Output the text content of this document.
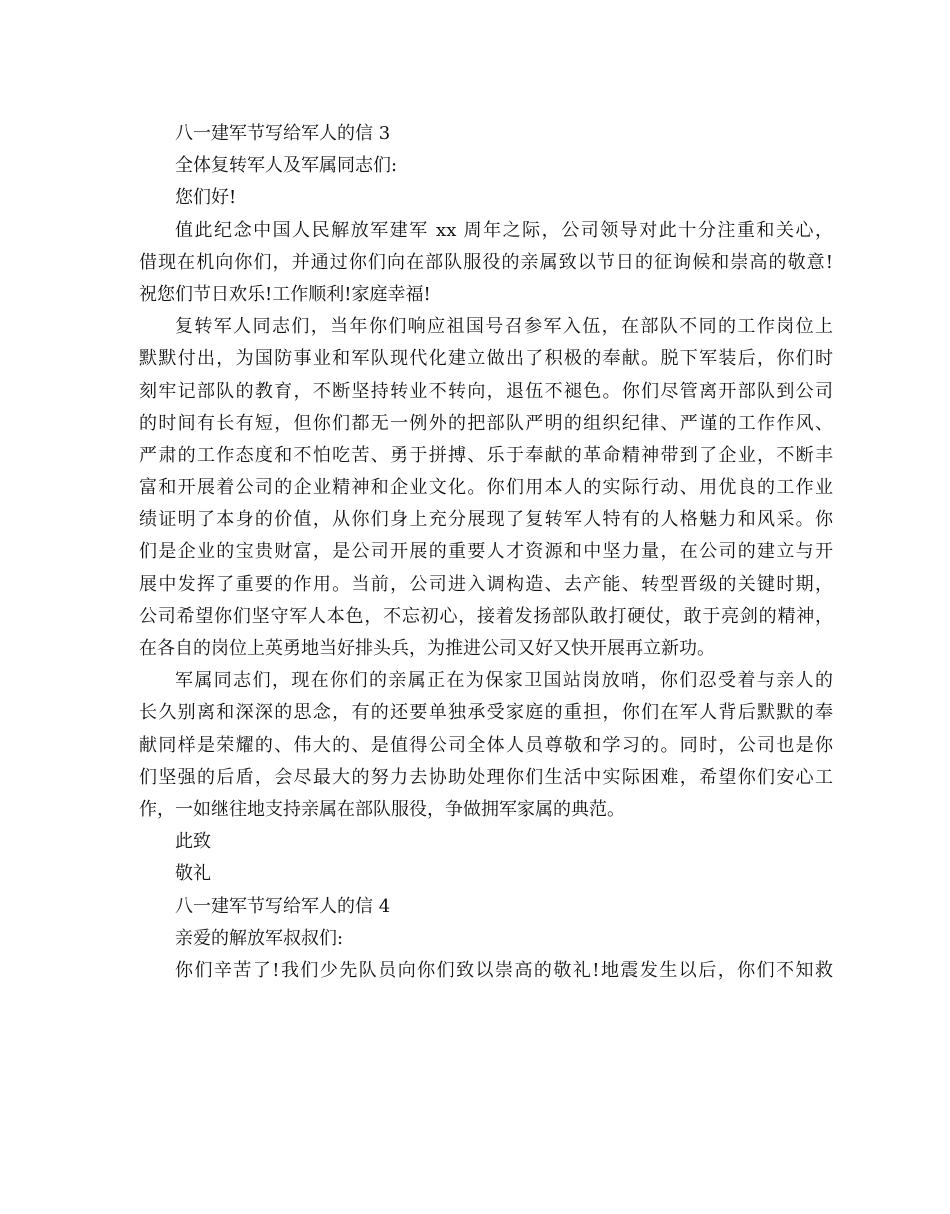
八一建军节写给军人的信 3
全体复转军人及军属同志们:
您们好!
值此纪念中国人民解放军建军 xx 周年之际，公司领导对此十分注重和关心，
借现在机向你们，并通过你们向在部队服役的亲属致以节日的征询候和崇高的敬意!
祝您们节日欢乐!工作顺利!家庭幸福!
复转军人同志们，当年你们响应祖国号召参军入伍，在部队不同的工作岗位上
默默付出，为国防事业和军队现代化建立做出了积极的奉献。脱下军装后，你们时
刻牢记部队的教育，不断坚持转业不转向，退伍不褪色。你们尽管离开部队到公司
的时间有长有短，但你们都无一例外的把部队严明的组织纪律、严谨的工作作风、
严肃的工作态度和不怕吃苦、勇于拼搏、乐于奉献的革命精神带到了企业，不断丰
富和开展着公司的企业精神和企业文化。你们用本人的实际行动、用优良的工作业
绩证明了本身的价值，从你们身上充分展现了复转军人特有的人格魅力和风采。你
们是企业的宝贵财富，是公司开展的重要人才资源和中坚力量，在公司的建立与开
展中发挥了重要的作用。当前，公司进入调构造、去产能、转型晋级的关键时期，
公司希望你们坚守军人本色，不忘初心，接着发扬部队敢打硬仗，敢于亮剑的精神，
在各自的岗位上英勇地当好排头兵，为推进公司又好又快开展再立新功。
军属同志们，现在你们的亲属正在为保家卫国站岗放哨，你们忍受着与亲人的
长久别离和深深的思念，有的还要单独承受家庭的重担，你们在军人背后默默的奉
献同样是荣耀的、伟大的、是值得公司全体人员尊敬和学习的。同时，公司也是你
们坚强的后盾，会尽最大的努力去协助处理你们生活中实际困难，希望你们安心工
作，一如继往地支持亲属在部队服役，争做拥军家属的典范。
此致
敬礼
八一建军节写给军人的信 4
亲爱的解放军叔叔们:
你们辛苦了!我们少先队员向你们致以崇高的敬礼!地震发生以后，你们不知救
